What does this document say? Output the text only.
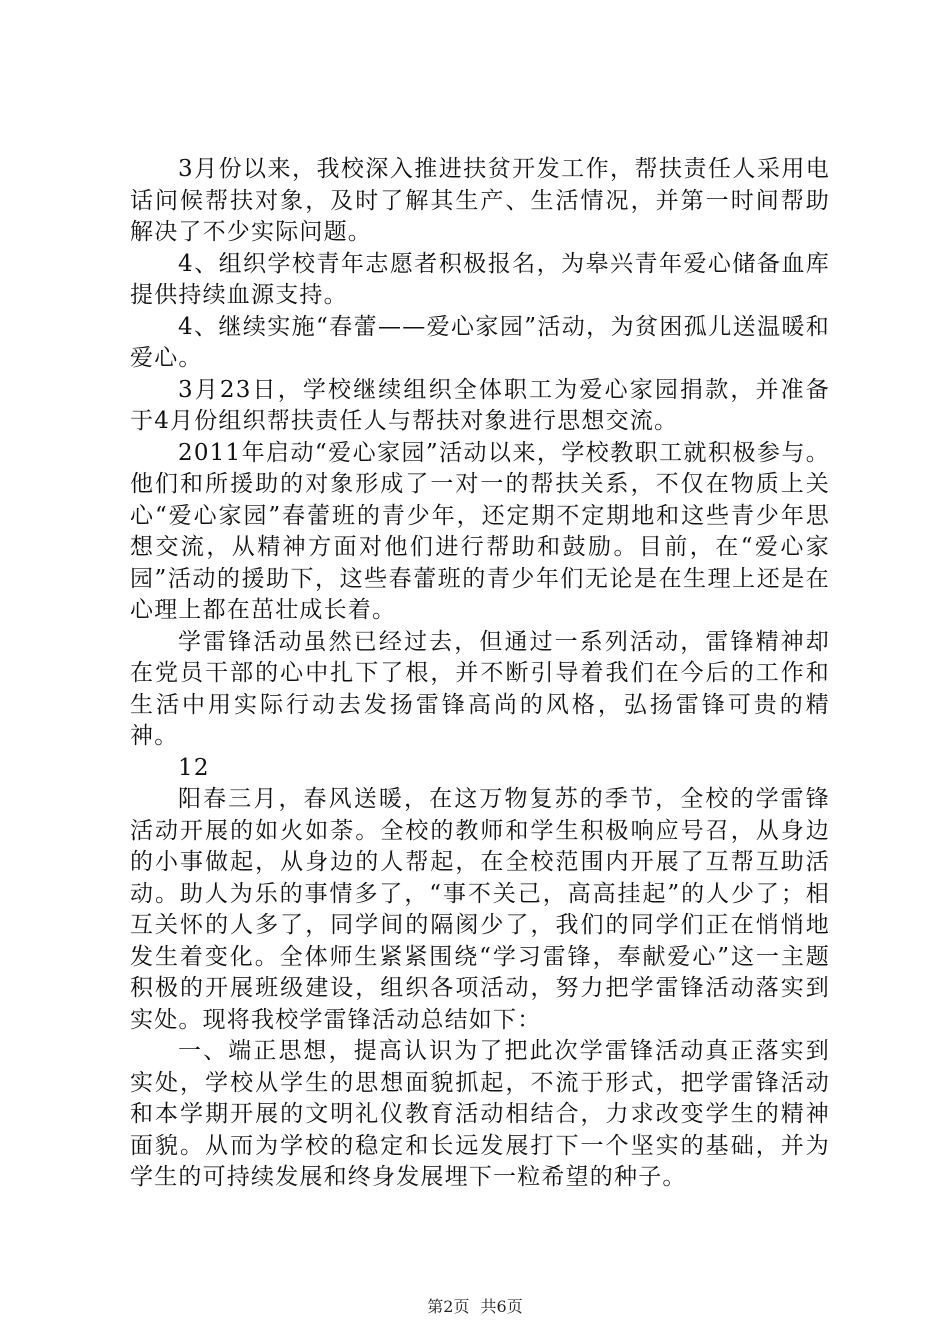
3月份以来，我校深入推进扶贫开发工作，帮扶责任人采用电话问候帮扶对象，及时了解其生产、生活情况，并第一时间帮助解决了不少实际问题。

4、组织学校青年志愿者积极报名，为皋兴青年爱心储备血库提供持续血源支持。

4、继续实施“春蕾——爱心家园”活动，为贫困孤儿送温暖和爱心。

3月23日，学校继续组织全体职工为爱心家园捐款，并准备于4月份组织帮扶责任人与帮扶对象进行思想交流。

2011年启动“爱心家园”活动以来，学校教职工就积极参与。他们和所援助的对象形成了一对一的帮扶关系，不仅在物质上关心“爱心家园”春蕾班的青少年，还定期不定期地和这些青少年思想交流，从精神方面对他们进行帮助和鼓励。目前，在“爱心家园”活动的援助下，这些春蕾班的青少年们无论是在生理上还是在心理上都在茁壮成长着。

学雷锋活动虽然已经过去，但通过一系列活动，雷锋精神却在党员干部的心中扎下了根，并不断引导着我们在今后的工作和生活中用实际行动去发扬雷锋高尚的风格，弘扬雷锋可贵的精神。

12

阳春三月，春风送暖，在这万物复苏的季节，全校的学雷锋活动开展的如火如荼。全校的教师和学生积极响应号召，从身边的小事做起，从身边的人帮起，在全校范围内开展了互帮互助活动。助人为乐的事情多了，“事不关己，高高挂起”的人少了；相互关怀的人多了，同学间的隔阂少了，我们的同学们正在悄悄地发生着变化。全体师生紧紧围绕“学习雷锋，奉献爱心”这一主题积极的开展班级建设，组织各项活动，努力把学雷锋活动落实到实处。现将我校学雷锋活动总结如下：

一、端正思想，提高认识为了把此次学雷锋活动真正落实到实处，学校从学生的思想面貌抓起，不流于形式，把学雷锋活动和本学期开展的文明礼仪教育活动相结合，力求改变学生的精神面貌。从而为学校的稳定和长远发展打下一个坚实的基础，并为学生的可持续发展和终身发展埋下一粒希望的种子。

第2页 共6页
